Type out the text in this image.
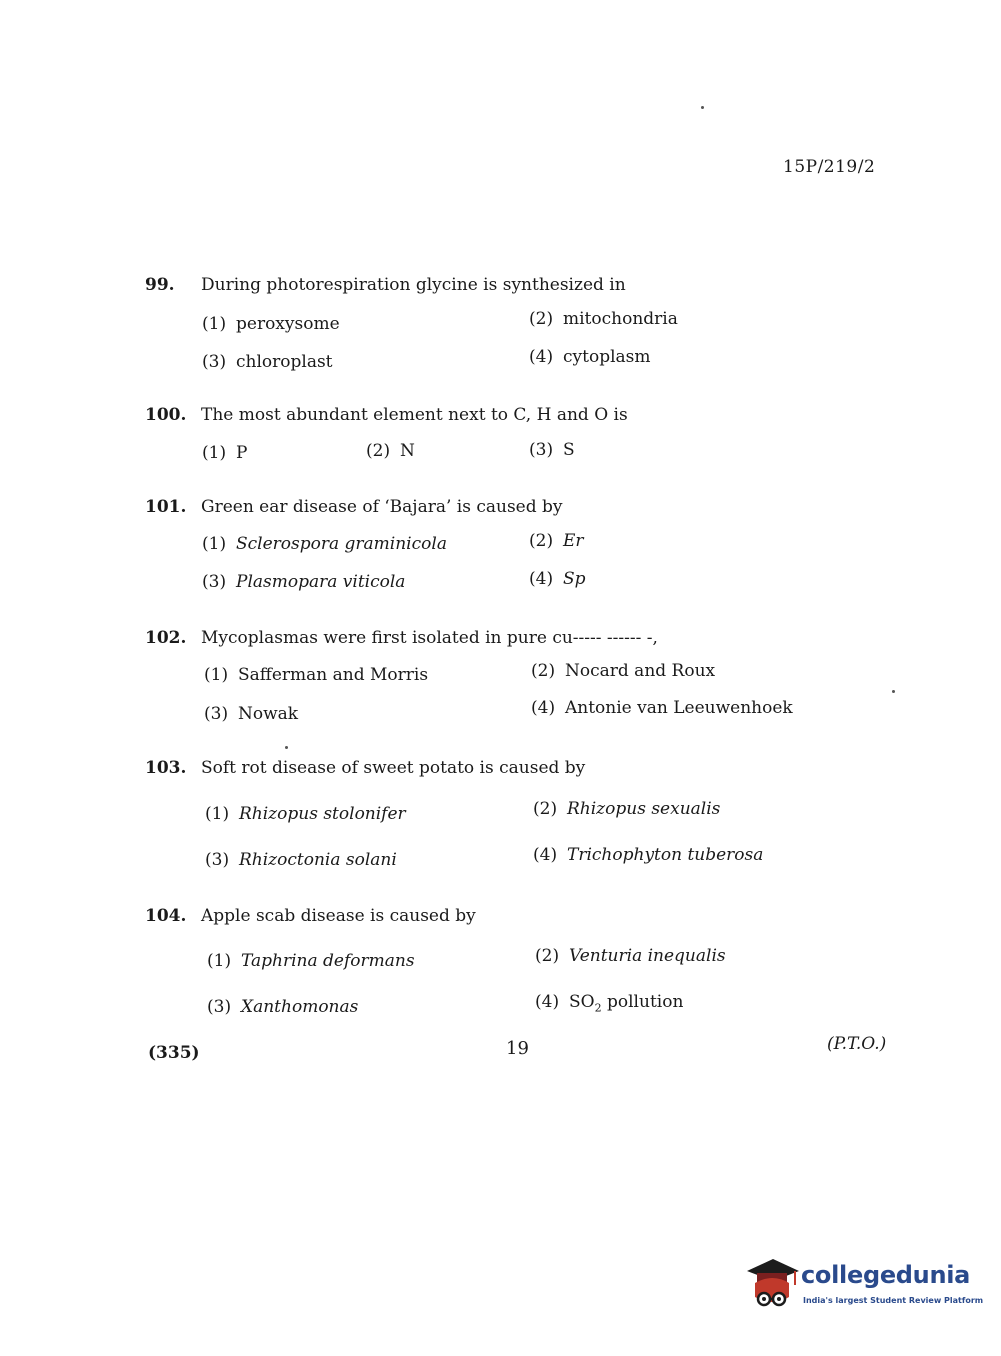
15P/219/2
99. During photorespiration glycine is synthesized in
(1) peroxysome	(2) mitochondria
(3) chloroplast	(4) cytoplasm
100. The most abundant element next to C, H and O is
(1) P	(2) N	(3) S
101. Green ear disease of ‘Bajara’ is caused by
(1) Sclerospora graminicola	(2) Er
(3) Plasmopara viticola	(4) Sp
102. Mycoplasmas were first isolated in pure cu----- ------ -,
(1) Safferman and Morris	(2) Nocard and Roux
(3) Nowak	(4) Antonie van Leeuwenhoek
103. Soft rot disease of sweet potato is caused by
(1) Rhizopus stolonifer	(2) Rhizopus sexualis
(3) Rhizoctonia solani	(4) Trichophyton tuberosa
104. Apple scab disease is caused by
(1) Taphrina deformans	(2) Venturia inequalis
(3) Xanthomonas	(4) $SO_2$ pollution
(335)	19	(P.T.O.)
collegedunia
India's largest Student Review Platform
